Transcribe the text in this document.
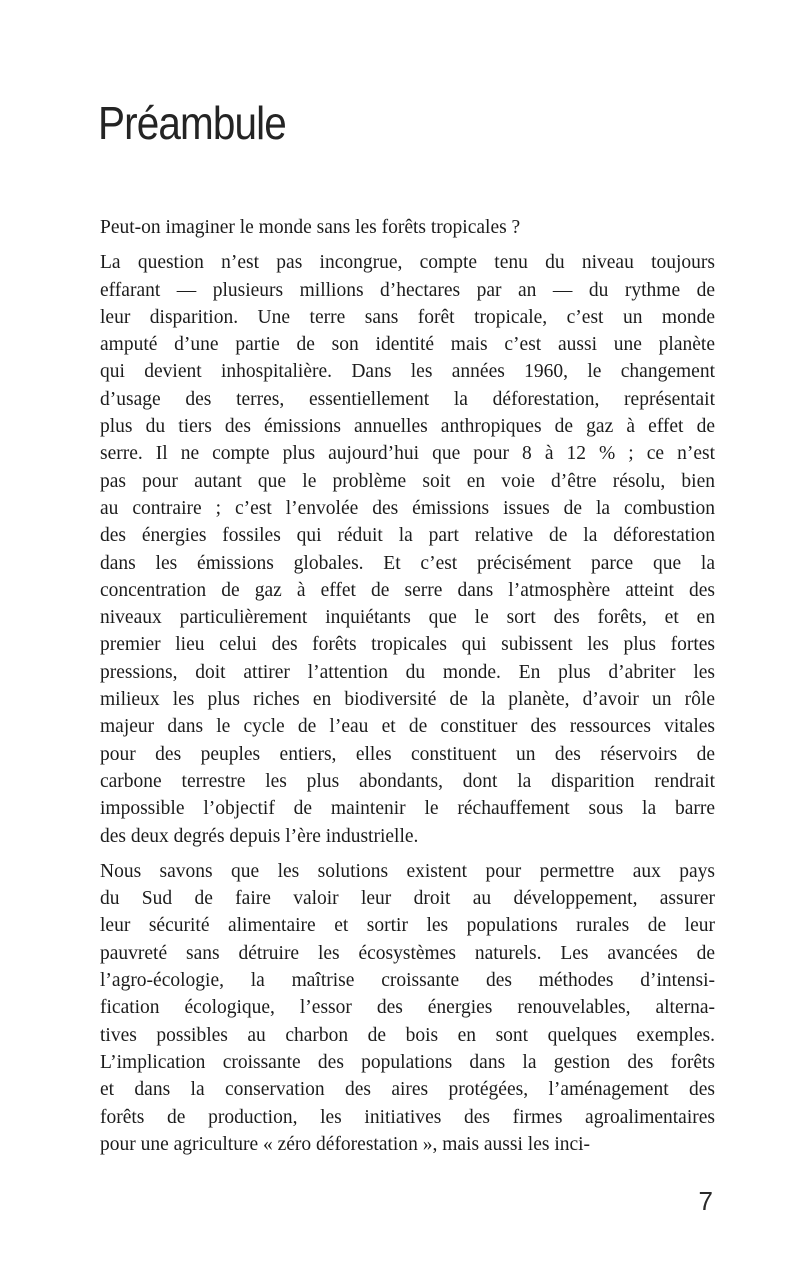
Préambule
Peut-on imaginer le monde sans les forêts tropicales ?
La question n’est pas incongrue, compte tenu du niveau toujours
effarant — plusieurs millions d’hectares par an — du rythme de
leur disparition. Une terre sans forêt tropicale, c’est un monde
amputé d’une partie de son identité mais c’est aussi une planète
qui devient inhospitalière. Dans les années 1960, le changement
d’usage des terres, essentiellement la déforestation, représentait
plus du tiers des émissions annuelles anthropiques de gaz à effet de
serre. Il ne compte plus aujourd’hui que pour 8 à 12 % ; ce n’est
pas pour autant que le problème soit en voie d’être résolu, bien
au contraire ; c’est l’envolée des émissions issues de la combustion
des énergies fossiles qui réduit la part relative de la déforestation
dans les émissions globales. Et c’est précisément parce que la
concentration de gaz à effet de serre dans l’atmosphère atteint des
niveaux particulièrement inquiétants que le sort des forêts, et en
premier lieu celui des forêts tropicales qui subissent les plus fortes
pressions, doit attirer l’attention du monde. En plus d’abriter les
milieux les plus riches en biodiversité de la planète, d’avoir un rôle
majeur dans le cycle de l’eau et de constituer des ressources vitales
pour des peuples entiers, elles constituent un des réservoirs de
carbone terrestre les plus abondants, dont la disparition rendrait
impossible l’objectif de maintenir le réchauffement sous la barre
des deux degrés depuis l’ère industrielle.
Nous savons que les solutions existent pour permettre aux pays
du Sud de faire valoir leur droit au développement, assurer
leur sécurité alimentaire et sortir les populations rurales de leur
pauvreté sans détruire les écosystèmes naturels. Les avancées de
l’agro-écologie, la maîtrise croissante des méthodes d’intensi-
fication écologique, l’essor des énergies renouvelables, alterna-
tives possibles au charbon de bois en sont quelques exemples.
L’implication croissante des populations dans la gestion des forêts
et dans la conservation des aires protégées, l’aménagement des
forêts de production, les initiatives des firmes agroalimentaires
pour une agriculture « zéro déforestation », mais aussi les inci-
7
